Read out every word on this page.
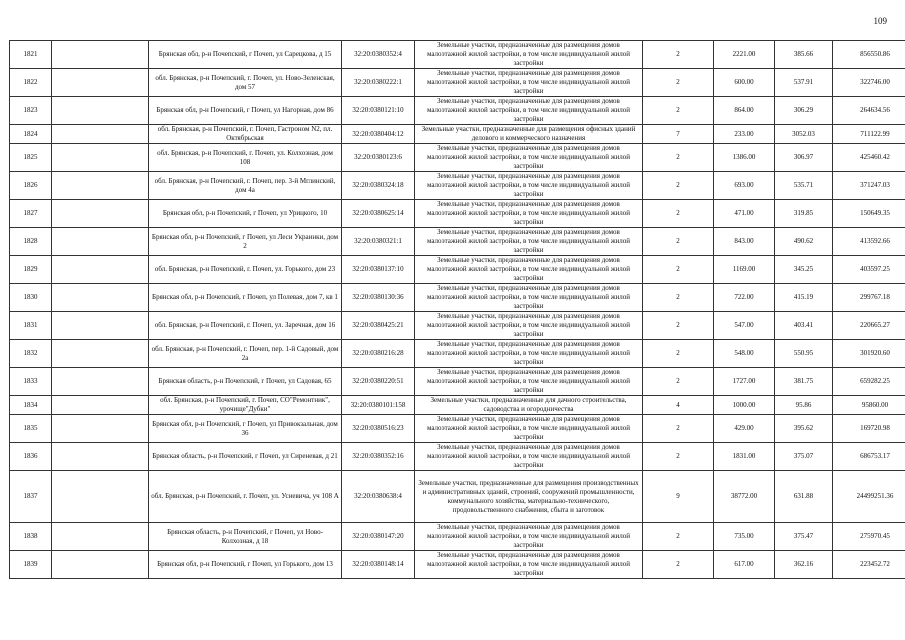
109
1821		Брянская обл, р-н Почепский, г Почеп, ул Сарецкова, д 15	32:20:0380352:4	Земельные участки, предназначенные для размещения домов малоэтажной жилой застройки, в том числе индивидуальной жилой застройки	2	2221.00	385.66	856550.86
1822		обл. Брянская, р-н Почепский, г. Почеп, ул. Ново-Зеленская, дом 57	32:20:0380222:1	Земельные участки, предназначенные для размещения домов малоэтажной жилой застройки, в том числе индивидуальной жилой застройки	2	600.00	537.91	322746.00
1823		Брянская обл, р-н Почепский, г Почеп, ул Нагорная, дом 86	32:20:0380121:10	Земельные участки, предназначенные для размещения домов малоэтажной жилой застройки, в том числе индивидуальной жилой застройки	2	864.00	306.29	264634.56
1824		обл. Брянская, р-н Почепский, г. Почеп, Гастроном N2, пл. Октябрьская	32:20:0380404:12	Земельные участки, предназначенные для размещения офисных зданий делового и коммерческого назначения	7	233.00	3052.03	711122.99
1825		обл. Брянская, р-н Почепский, г. Почеп, ул. Колхозная, дом 108	32:20:0380123:6	Земельные участки, предназначенные для размещения домов малоэтажной жилой застройки, в том числе индивидуальной жилой застройки	2	1386.00	306.97	425460.42
1826		обл. Брянская, р-н Почепский, г. Почеп, пер. 3-й Мглинский, дом 4а	32:20:0380324:18	Земельные участки, предназначенные для размещения домов малоэтажной жилой застройки, в том числе индивидуальной жилой застройки	2	693.00	535.71	371247.03
1827		Брянская обл, р-н Почепский, г Почеп, ул Урицкого, 10	32:20:0380625:14	Земельные участки, предназначенные для размещения домов малоэтажной жилой застройки, в том числе индивидуальной жилой застройки	2	471.00	319.85	150649.35
1828		Брянская обл, р-н Почепский, г Почеп, ул Леси Украинки, дом 2	32:20:0380321:1	Земельные участки, предназначенные для размещения домов малоэтажной жилой застройки, в том числе индивидуальной жилой застройки	2	843.00	490.62	413592.66
1829		обл. Брянская, р-н Почепский, г. Почеп, ул. Горького, дом 23	32:20:0380137:10	Земельные участки, предназначенные для размещения домов малоэтажной жилой застройки, в том числе индивидуальной жилой застройки	2	1169.00	345.25	403597.25
1830		Брянская обл, р-н Почепский, г Почеп, ул Полевая, дом 7, кв 1	32:20:0380130:36	Земельные участки, предназначенные для размещения домов малоэтажной жилой застройки, в том числе индивидуальной жилой застройки	2	722.00	415.19	299767.18
1831		обл. Брянская, р-н Почепский, г. Почеп, ул. Заречная, дом 16	32:20:0380425:21	Земельные участки, предназначенные для размещения домов малоэтажной жилой застройки, в том числе индивидуальной жилой застройки	2	547.00	403.41	220665.27
1832		обл. Брянская, р-н Почепский, г. Почеп, пер. 1-й Садовый, дом 2а	32:20:0380216:28	Земельные участки, предназначенные для размещения домов малоэтажной жилой застройки, в том числе индивидуальной жилой застройки	2	548.00	550.95	301920.60
1833		Брянская область, р-н Почепский, г Почеп, ул Садовая, 65	32:20:0380220:51	Земельные участки, предназначенные для размещения домов малоэтажной жилой застройки, в том числе индивидуальной жилой застройки	2	1727.00	381.75	659282.25
1834		обл. Брянская, р-н Почепский, г. Почеп, СО"Ремонтник", урочище"Дубки"	32:20:0380101:158	Земельные участки, предназначенные для дачного строительства, садоводства и огородничества	4	1000.00	95.86	95860.00
1835		Брянская обл, р-н Почепский, г Почеп, ул Привокзальная, дом 36	32:20:0380516:23	Земельные участки, предназначенные для размещения домов малоэтажной жилой застройки, в том числе индивидуальной жилой застройки	2	429.00	395.62	169720.98
1836		Брянская область, р-н Почепский, г Почеп, ул Сиреневая, д 21	32:20:0380352:16	Земельные участки, предназначенные для размещения домов малоэтажной жилой застройки, в том числе индивидуальной жилой застройки	2	1831.00	375.07	686753.17
1837		обл. Брянская, р-н Почепский, г. Почеп, ул. Усиевича, уч 108 А	32:20:0380638:4	Земельные участки, предназначенные для размещения производственных и административных зданий, строений, сооружений промышленности, коммунального хозяйства, материально-технического, продовольственного снабжения, сбыта и заготовок	9	38772.00	631.88	24499251.36
1838		Брянская область, р-н Почепский, г Почеп, ул Ново-Колхозная, д 18	32:20:0380147:20	Земельные участки, предназначенные для размещения домов малоэтажной жилой застройки, в том числе индивидуальной жилой застройки	2	735.00	375.47	275970.45
1839		Брянская обл, р-н Почепский, г Почеп, ул Горького, дом 13	32:20:0380148:14	Земельные участки, предназначенные для размещения домов малоэтажной жилой застройки, в том числе индивидуальной жилой застройки	2	617.00	362.16	223452.72
